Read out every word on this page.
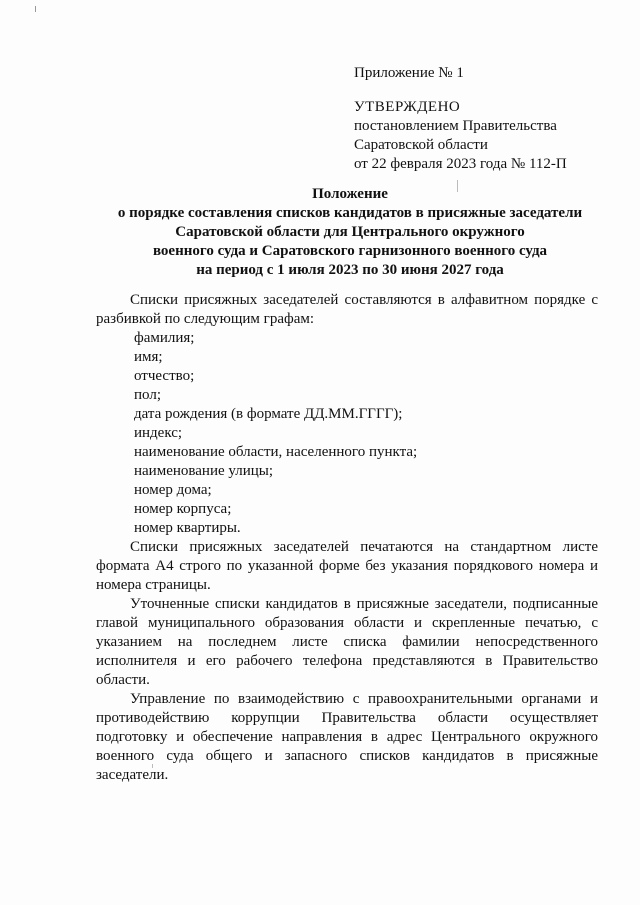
Приложение № 1
УТВЕРЖДЕНО
постановлением Правительства
Саратовской области
от 22 февраля 2023 года № 112-П
Положение
о порядке составления списков кандидатов в присяжные заседатели
Саратовской области для Центрального окружного
военного суда и Саратовского гарнизонного военного суда
на период с 1 июля 2023 по 30 июня 2027 года

Списки присяжных заседателей составляются в алфавитном порядке с разбивкой по следующим графам:

фамилия;
имя;
отчество;
пол;
дата рождения (в формате ДД.ММ.ГГГГ);
индекс;
наименование области, населенного пункта;
наименование улицы;
номер дома;
номер корпуса;
номер квартиры.

Списки присяжных заседателей печатаются на стандартном листе формата А4 строго по указанной форме без указания порядкового номера и номера страницы.

Уточненные списки кандидатов в присяжные заседатели, подписанные главой муниципального образования области и скрепленные печатью, с указанием на последнем листе списка фамилии непосредственного исполнителя и его рабочего телефона представляются в Правительство области.

Управление по взаимодействию с правоохранительными органами и противодействию коррупции Правительства области осуществляет подготовку и обеспечение направления в адрес Центрального окружного военного суда общего и запасного списков кандидатов в присяжные заседатели.
